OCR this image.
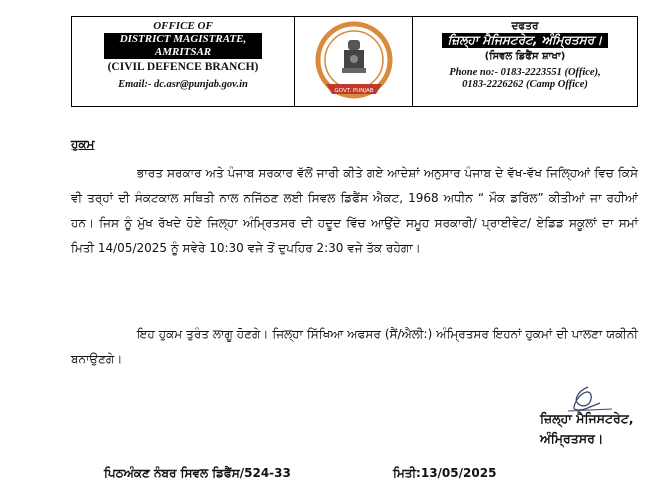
OFFICE OF
DISTRICT MAGISTRATE, AMRITSAR
(CIVIL DEFENCE BRANCH)
Email:- dc.asr@punjab.gov.in
GOVT. PUNJAB
ਦਫਤਰ
ਜ਼ਿਲ੍ਹਾ ਮੈਜਿਸਟਰੇਟ, ਅੰਮ੍ਰਿਤਸਰ।
(ਸਿਵਲ ਡਿਫੈਂਸ ਸ਼ਾਖਾ)
Phone no:- 0183-2223551 (Office),
0183-2226262 (Camp Office)
ਹੁਕਮ

ਭਾਰਤ ਸਰਕਾਰ ਅਤੇ ਪੰਜਾਬ ਸਰਕਾਰ ਵੱਲੋਂ ਜਾਰੀ ਕੀਤੇ ਗਏ ਆਦੇਸ਼ਾਂ ਅਨੁਸਾਰ ਪੰਜਾਬ ਦੇ ਵੱਖ-ਵੱਖ ਜਿਲ੍ਹਿਆਂ ਵਿਚ ਕਿਸੇ ਵੀ ਤਰ੍ਹਾਂ ਦੀ ਸੰਕਟਕਾਲ ਸਥਿਤੀ ਨਾਲ ਨਜਿੱਠਣ ਲਈ ਸਿਵਲ ਡਿਫੈਂਸ ਐਕਟ, 1968 ਅਧੀਨ “ ਮੌਕ ਡਰਿੱਲ” ਕੀਤੀਆਂ ਜਾ ਰਹੀਆਂ ਹਨ। ਜਿਸ ਨੂੰ ਮੁੱਖ ਰੱਖਦੇ ਹੋਏ ਜਿਲ੍ਹਾ ਅੰਮ੍ਰਿਤਸਰ ਦੀ ਹਦੂਦ ਵਿੱਚ ਆਉਂਦੇ ਸਮੂਹ ਸਰਕਾਰੀ/ ਪ੍ਰਾਈਵੇਟ/ ਏਡਿਡ ਸਕੂਲਾਂ ਦਾ ਸਮਾਂ ਮਿਤੀ 14/05/2025 ਨੂੰ ਸਵੇਰੇ 10:30 ਵਜੇ ਤੋਂ ਦੁਪਹਿਰ 2:30 ਵਜੇ ਤੱਕ ਰਹੇਗਾ।

ਇਹ ਹੁਕਮ ਤੁਰੰਤ ਲਾਗੂ ਹੋਣਗੇ। ਜਿਲ੍ਹਾ ਸਿੱਖਿਆ ਅਫਸਰ (ਸੈਂ/ਐਲੀ:) ਅੰਮ੍ਰਿਤਸਰ ਇਹਨਾਂ ਹੁਕਮਾਂ ਦੀ ਪਾਲਣਾ ਯਕੀਨੀ ਬਨਾਉਣਗੇ।

ਜ਼ਿਲ੍ਹਾ ਮੈਜਿਸਟਰੇਟ,
ਅੰਮ੍ਰਿਤਸਰ।
ਪਿਠਅੰਕਣ ਨੰਬਰ ਸਿਵਲ ਡਿਫੈਂਸ/524-33	ਮਿਤੀ:13/05/2025
